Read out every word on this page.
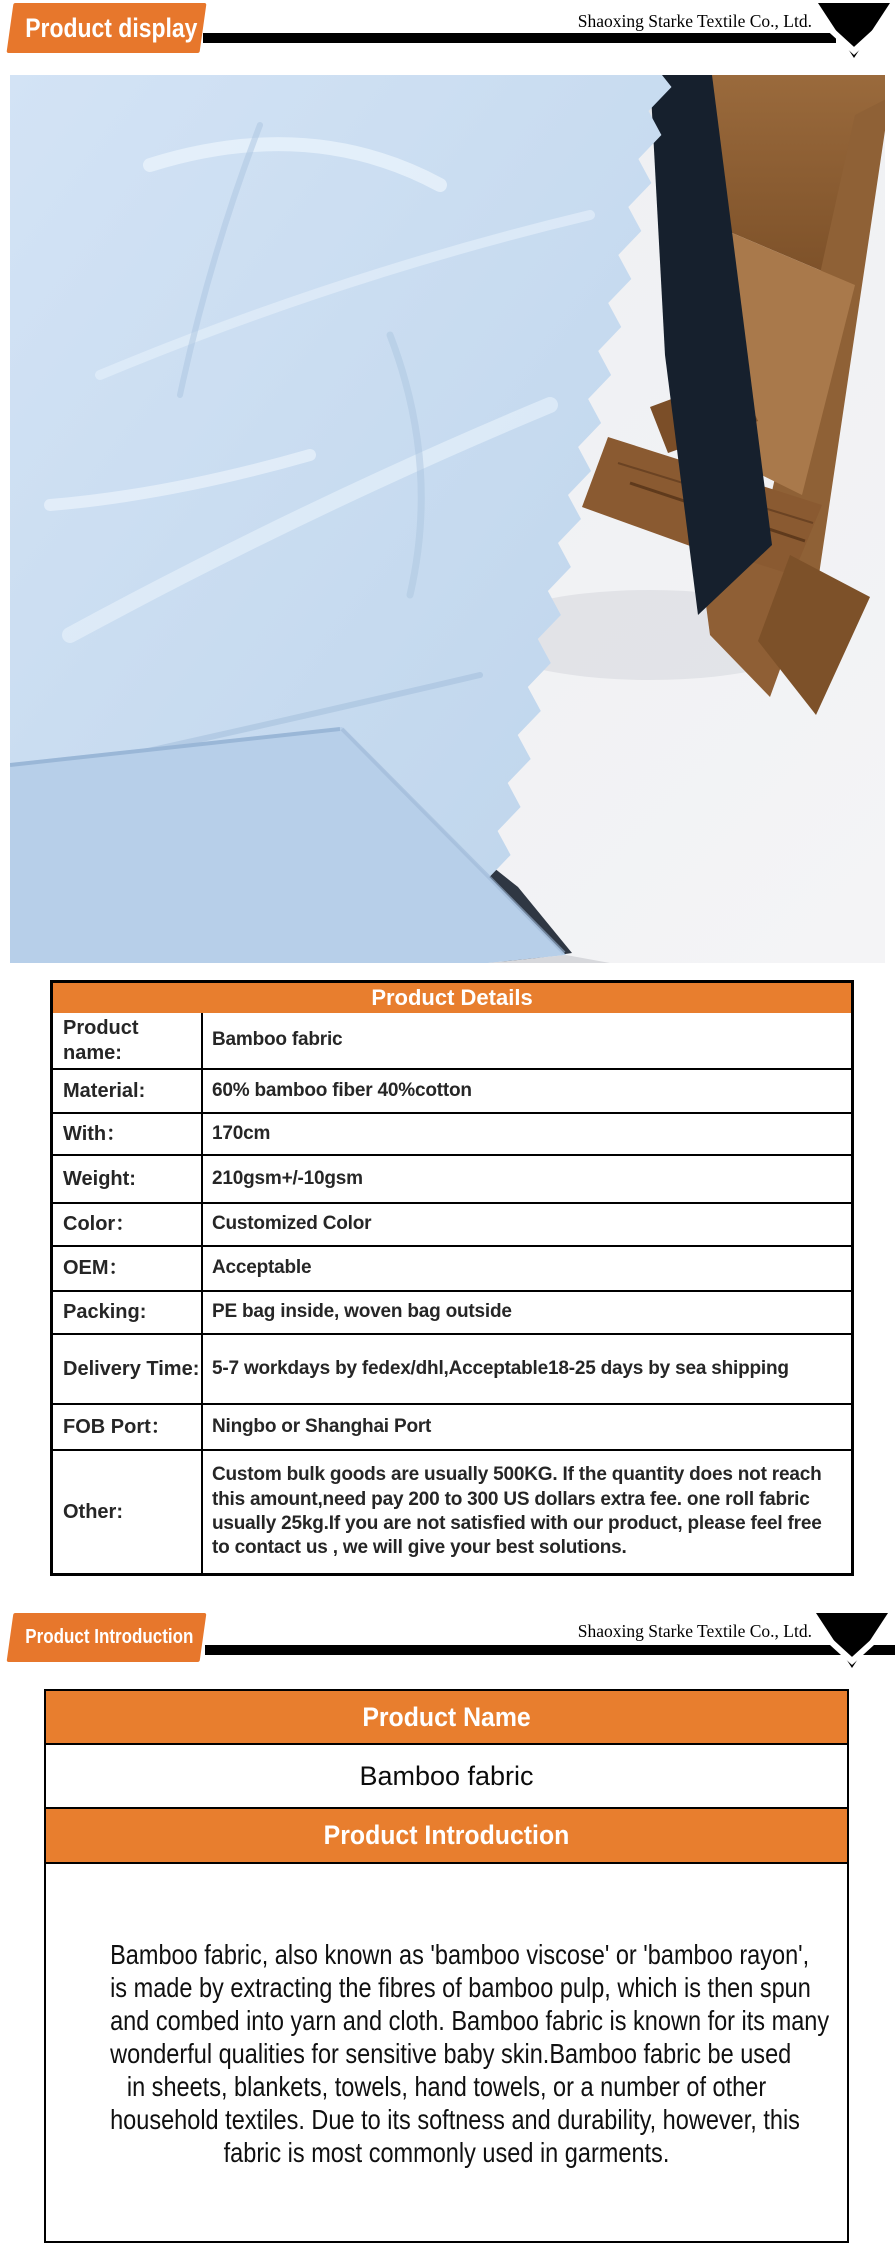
Product display	Shaoxing Starke Textile Co., Ltd.
Product Details
Product name:
Bamboo fabric
Material:	60% bamboo fiber 40%cotton
With：	170cm
Weight:	210gsm+/-10gsm
Color：	Customized Color
OEM：	Acceptable
Packing:	PE bag inside, woven bag outside
Delivery Time: 5-7 workdays by fedex/dhl,Acceptable18-25 days by sea shipping
FOB Port：	Ningbo or Shanghai Port
Other:
Custom bulk goods are usually 500KG. If the quantity does not reach this amount,need pay 200 to 300 US dollars extra fee. one roll fabric usually 25kg.If you are not satisfied with our product, please feel free to contact us , we will give your best solutions.
Product Introduction	Shaoxing Starke Textile Co., Ltd.
Product Name
Bamboo fabric
Product Introduction
Bamboo fabric, also known as 'bamboo viscose' or 'bamboo rayon',
is made by extracting the fibres of bamboo pulp, which is then spun
and combed into yarn and cloth. Bamboo fabric is known for its many
wonderful qualities for sensitive baby skin.Bamboo fabric be used
in sheets, blankets, towels, hand towels, or a number of other
household textiles. Due to its softness and durability, however, this
fabric is most commonly used in garments.
